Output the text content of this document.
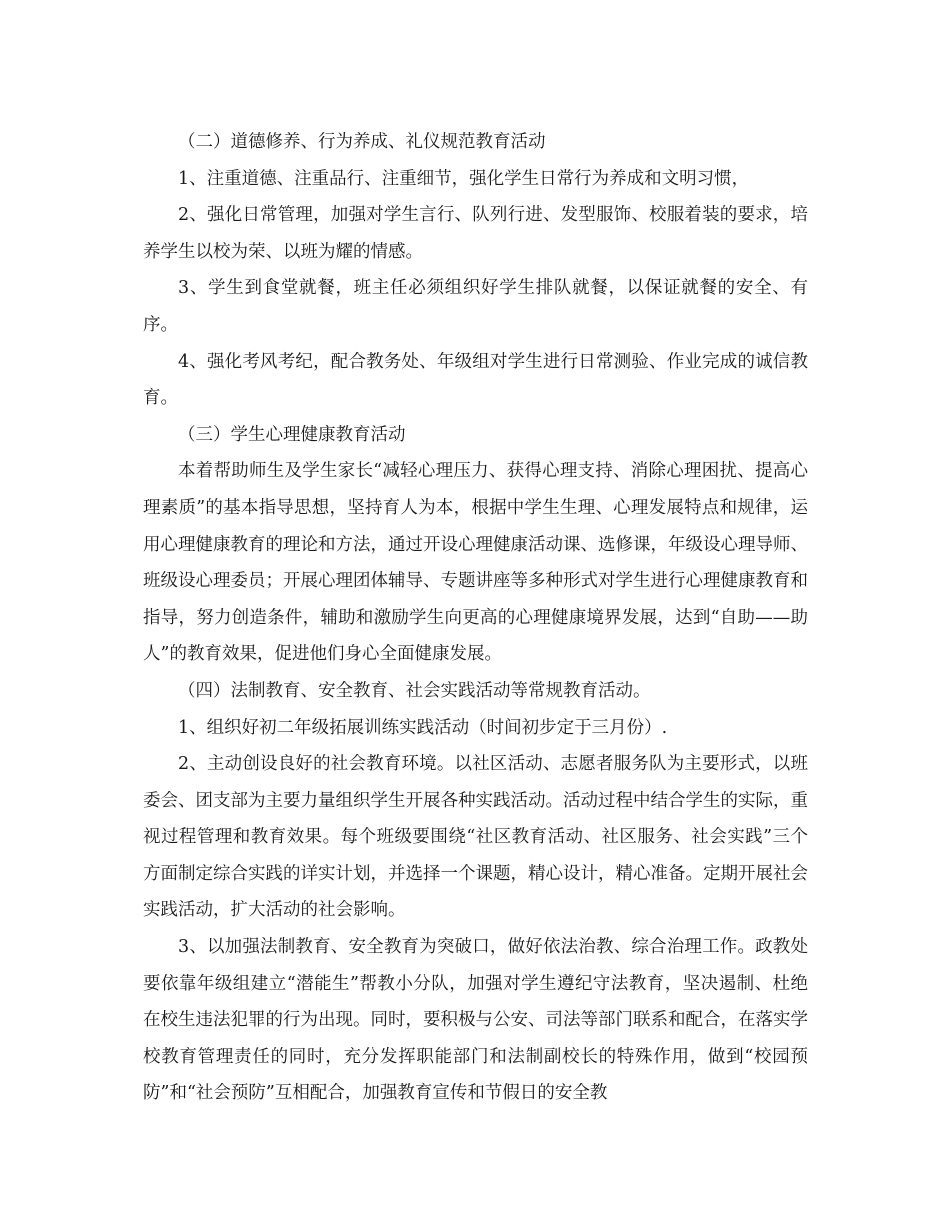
（二）道德修养、行为养成、礼仪规范教育活动

1、注重道德、注重品行、注重细节，强化学生日常行为养成和文明习惯，

2、强化日常管理，加强对学生言行、队列行进、发型服饰、校服着装的要求，培养学生以校为荣、以班为耀的情感。

3、学生到食堂就餐，班主任必须组织好学生排队就餐，以保证就餐的安全、有序。

4、强化考风考纪，配合教务处、年级组对学生进行日常测验、作业完成的诚信教育。

（三）学生心理健康教育活动

本着帮助师生及学生家长“减轻心理压力、获得心理支持、消除心理困扰、提高心理素质”的基本指导思想，坚持育人为本，根据中学生生理、心理发展特点和规律，运用心理健康教育的理论和方法，通过开设心理健康活动课、选修课，年级设心理导师、班级设心理委员；开展心理团体辅导、专题讲座等多种形式对学生进行心理健康教育和指导，努力创造条件，辅助和激励学生向更高的心理健康境界发展，达到“自助——助人”的教育效果，促进他们身心全面健康发展。

（四）法制教育、安全教育、社会实践活动等常规教育活动。

1、组织好初二年级拓展训练实践活动（时间初步定于三月份）.

2、主动创设良好的社会教育环境。以社区活动、志愿者服务队为主要形式，以班委会、团支部为主要力量组织学生开展各种实践活动。活动过程中结合学生的实际，重视过程管理和教育效果。每个班级要围绕“社区教育活动、社区服务、社会实践”三个方面制定综合实践的详实计划，并选择一个课题，精心设计，精心准备。定期开展社会实践活动，扩大活动的社会影响。

3、以加强法制教育、安全教育为突破口，做好依法治教、综合治理工作。政教处要依靠年级组建立“潜能生”帮教小分队，加强对学生遵纪守法教育，坚决遏制、杜绝在校生违法犯罪的行为出现。同时，要积极与公安、司法等部门联系和配合，在落实学校教育管理责任的同时，充分发挥职能部门和法制副校长的特殊作用，做到“校园预防”和“社会预防”互相配合，加强教育宣传和节假日的安全教
